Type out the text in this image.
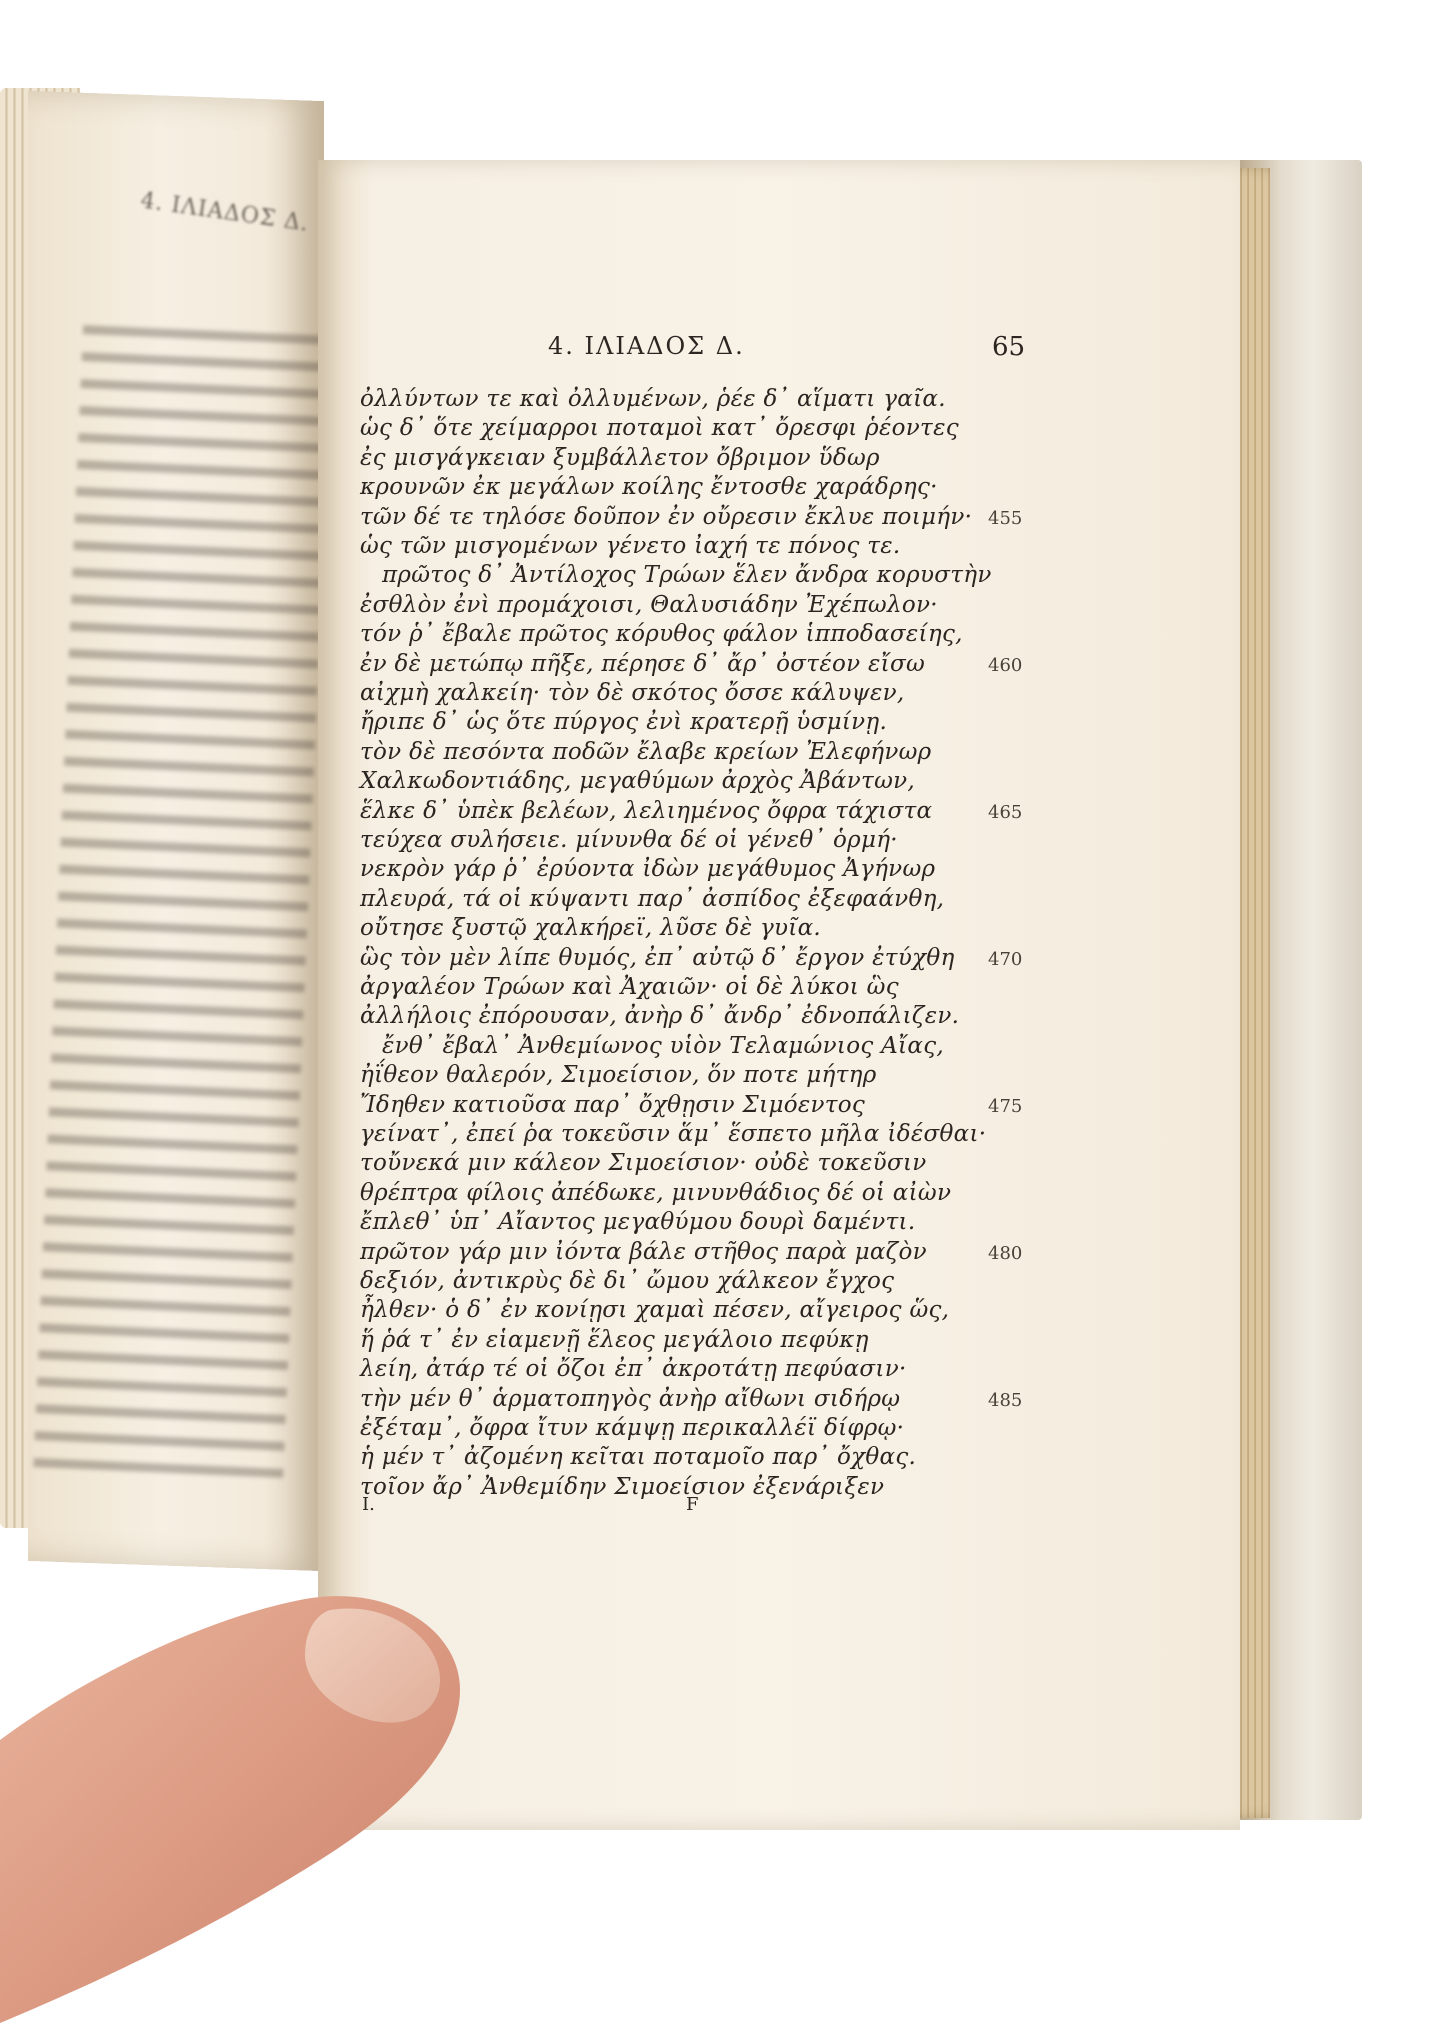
4. ΙΛΙΑΔΟΣ Δ.
4. ΙΛΙΑΔΟΣ Δ.	65
ὀλλύντων τε καὶ ὀλλυμένων, ῥέε δ᾽ αἵματι γαῖα.
ὡς δ᾽ ὅτε χείμαρροι ποταμοὶ κατ᾽ ὄρεσφι ῥέοντες
ἐς μισγάγκειαν ξυμβάλλετον ὄβριμον ὕδωρ
κρουνῶν ἐκ μεγάλων κοίλης ἔντοσθε χαράδρης·
τῶν δέ τε τηλόσε δοῦπον ἐν οὔρεσιν ἔκλυε ποιμήν· 455
ὡς τῶν μισγομένων γένετο ἰαχή τε πόνος τε.
πρῶτος δ᾽ Ἀντίλοχος Τρώων ἕλεν ἄνδρα κορυστὴν
ἐσθλὸν ἐνὶ προμάχοισι, Θαλυσιάδην Ἐχέπωλον·
τόν ῥ᾽ ἔβαλε πρῶτος κόρυθος φάλον ἱπποδασείης,
ἐν δὲ μετώπῳ πῆξε, πέρησε δ᾽ ἄρ᾽ ὀστέον εἴσω	460
αἰχμὴ χαλκείη· τὸν δὲ σκότος ὄσσε κάλυψεν,
ἤριπε δ᾽ ὡς ὅτε πύργος ἐνὶ κρατερῇ ὑσμίνῃ.
τὸν δὲ πεσόντα ποδῶν ἔλαβε κρείων Ἐλεφήνωρ
Χαλκωδοντιάδης, μεγαθύμων ἀρχὸς Ἀβάντων,
ἕλκε δ᾽ ὑπὲκ βελέων, λελιημένος ὄφρα τάχιστα	465
τεύχεα συλήσειε. μίνυνθα δέ οἱ γένεθ᾽ ὁρμή·
νεκρὸν γάρ ῥ᾽ ἐρύοντα ἰδὼν μεγάθυμος Ἀγήνωρ
πλευρά, τά οἱ κύψαντι παρ᾽ ἀσπίδος ἐξεφαάνθη,
οὔτησε ξυστῷ χαλκήρεϊ, λῦσε δὲ γυῖα.
ὣς τὸν μὲν λίπε θυμός, ἐπ᾽ αὐτῷ δ᾽ ἔργον ἐτύχθη 470
ἀργαλέον Τρώων καὶ Ἀχαιῶν· οἱ δὲ λύκοι ὣς
ἀλλήλοις ἐπόρουσαν, ἀνὴρ δ᾽ ἄνδρ᾽ ἐδνοπάλιζεν.
ἔνθ᾽ ἔβαλ᾽ Ἀνθεμίωνος υἱὸν Τελαμώνιος Αἴας,
ἠΐθεον θαλερόν, Σιμοείσιον, ὅν ποτε μήτηρ
Ἴδηθεν κατιοῦσα παρ᾽ ὄχθῃσιν Σιμόεντος	475
γείνατ᾽, ἐπεί ῥα τοκεῦσιν ἅμ᾽ ἕσπετο μῆλα ἰδέσθαι·
τοὔνεκά μιν κάλεον Σιμοείσιον· οὐδὲ τοκεῦσιν
θρέπτρα φίλοις ἀπέδωκε, μινυνθάδιος δέ οἱ αἰὼν
ἔπλεθ᾽ ὑπ᾽ Αἴαντος μεγαθύμου δουρὶ δαμέντι.
πρῶτον γάρ μιν ἰόντα βάλε στῆθος παρὰ μαζὸν	480
δεξιόν, ἀντικρὺς δὲ δι᾽ ὤμου χάλκεον ἔγχος
ἦλθεν· ὁ δ᾽ ἐν κονίῃσι χαμαὶ πέσεν, αἴγειρος ὥς,
ἥ ῥά τ᾽ ἐν εἱαμενῇ ἕλεος μεγάλοιο πεφύκῃ
λείη, ἀτάρ τέ οἱ ὄζοι ἐπ᾽ ἀκροτάτῃ πεφύασιν·
τὴν μέν θ᾽ ἁρματοπηγὸς ἀνὴρ αἴθωνι σιδήρῳ	485
ἐξέταμ᾽, ὄφρα ἴτυν κάμψῃ περικαλλέϊ δίφρῳ·
ἡ μέν τ᾽ ἀζομένη κεῖται ποταμοῖο παρ᾽ ὄχθας.
τοῖον ἄρ᾽ Ἀνθεμίδην Σιμοείσιον ἐξενάριξεν
I.	F
